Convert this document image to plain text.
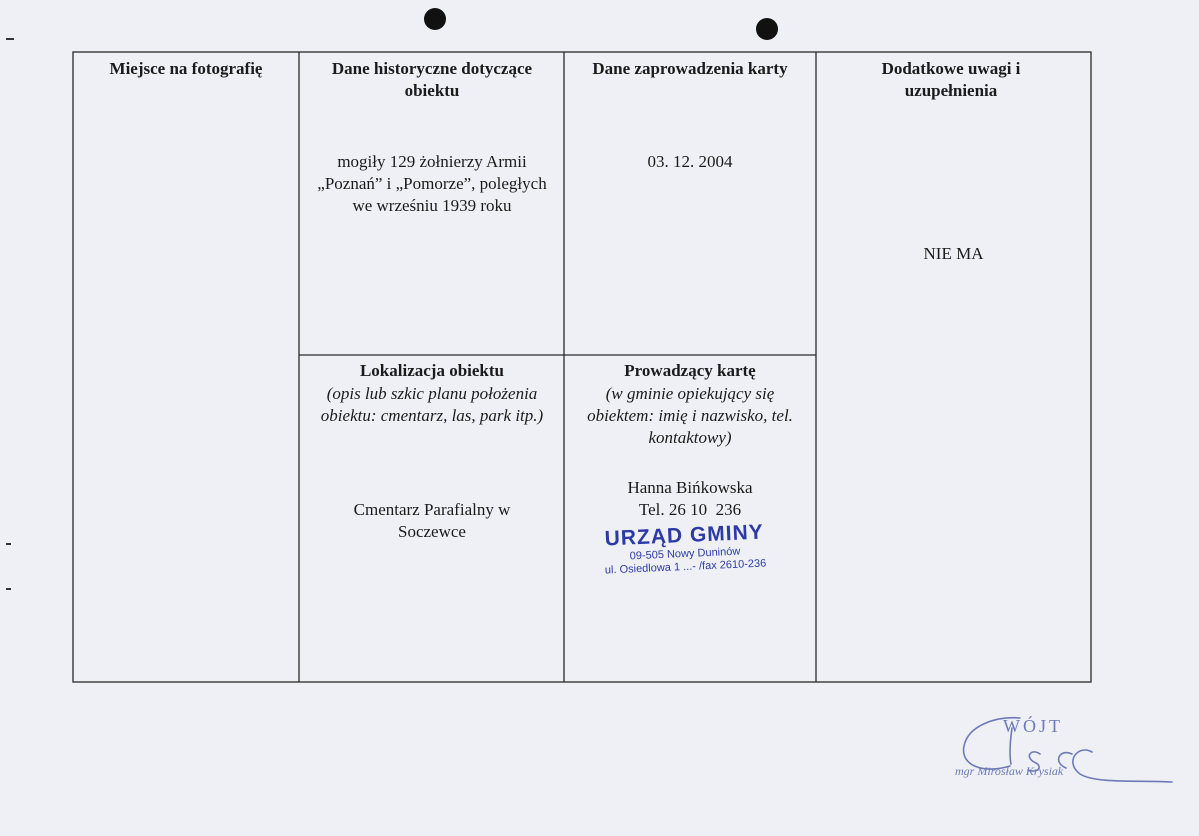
Miejsce na fotografię	Dane historyczne dotyczące obiektu
Dane zaprowadzenia karty	Dodatkowe uwagi i uzupełnienia
mogiły 129 żołnierzy Armii „Poznań” i „Pomorze”, poległych we wrześniu 1939 roku
03. 12. 2004
NIE MA
Lokalizacja obiektu
(opis lub szkic planu położenia obiektu: cmentarz, las, park itp.)
Cmentarz Parafialny w Soczewce
Prowadzący kartę
(w gminie opiekujący się obiektem: imię i nazwisko, tel. kontaktowy)
Hanna Bińkowska
Tel. 26 10  236
URZĄD GMINY
09-505 Nowy Duninów
ul. Osiedlowa 1 ...- /fax 2610-236
WÓJT
mgr Mirosław Krysiak
